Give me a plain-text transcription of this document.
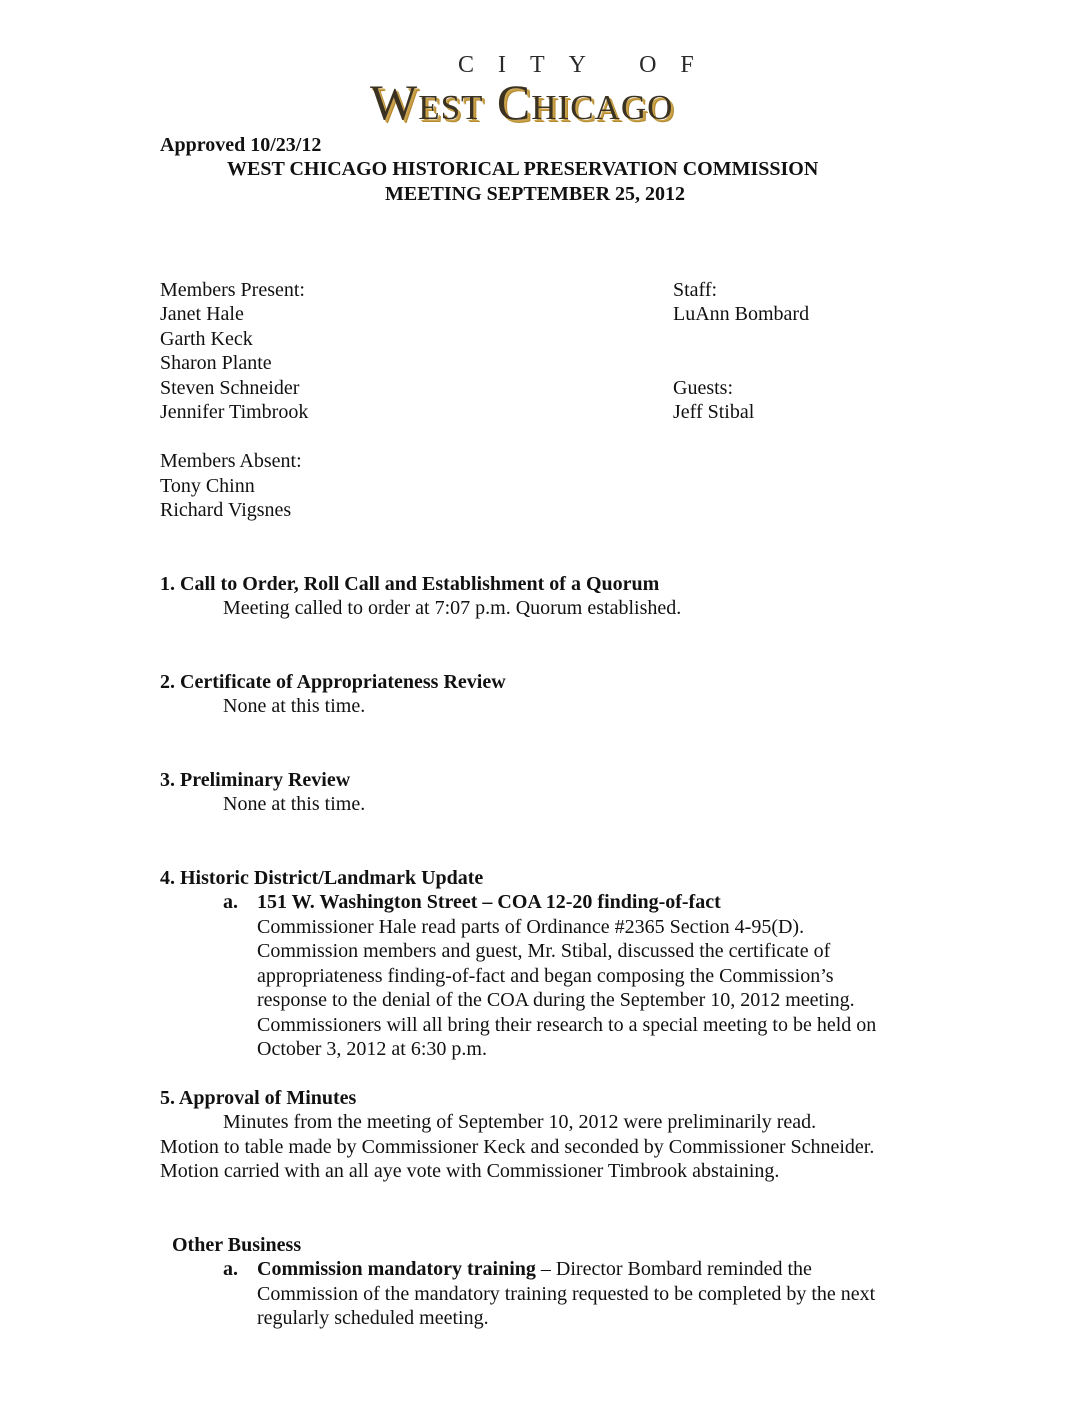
CITY OF
West Chicago
Approved 10/23/12
WEST CHICAGO HISTORICAL PRESERVATION COMMISSION
MEETING SEPTEMBER 25, 2012
Members Present:
Janet Hale
Garth Keck
Sharon Plante
Steven Schneider
Jennifer Timbrook
Members Absent:
Tony Chinn
Richard Vigsnes
Staff:
LuAnn Bombard
Guests:
Jeff Stibal
1. Call to Order, Roll Call and Establishment of a Quorum
Meeting called to order at 7:07 p.m. Quorum established.
2. Certificate of Appropriateness Review
None at this time.
3. Preliminary Review
None at this time.
4. Historic District/Landmark Update
a. 151 W. Washington Street – COA 12-20 finding-of-fact
Commissioner Hale read parts of Ordinance #2365 Section 4-95(D).
Commission members and guest, Mr. Stibal, discussed the certificate of
appropriateness finding-of-fact and began composing the Commission’s
response to the denial of the COA during the September 10, 2012 meeting.
Commissioners will all bring their research to a special meeting to be held on
October 3, 2012 at 6:30 p.m.
5. Approval of Minutes
Minutes from the meeting of September 10, 2012 were preliminarily read.
Motion to table made by Commissioner Keck and seconded by Commissioner Schneider.
Motion carried with an all aye vote with Commissioner Timbrook abstaining.
Other Business
a. Commission mandatory training – Director Bombard reminded the
Commission of the mandatory training requested to be completed by the next
regularly scheduled meeting.
